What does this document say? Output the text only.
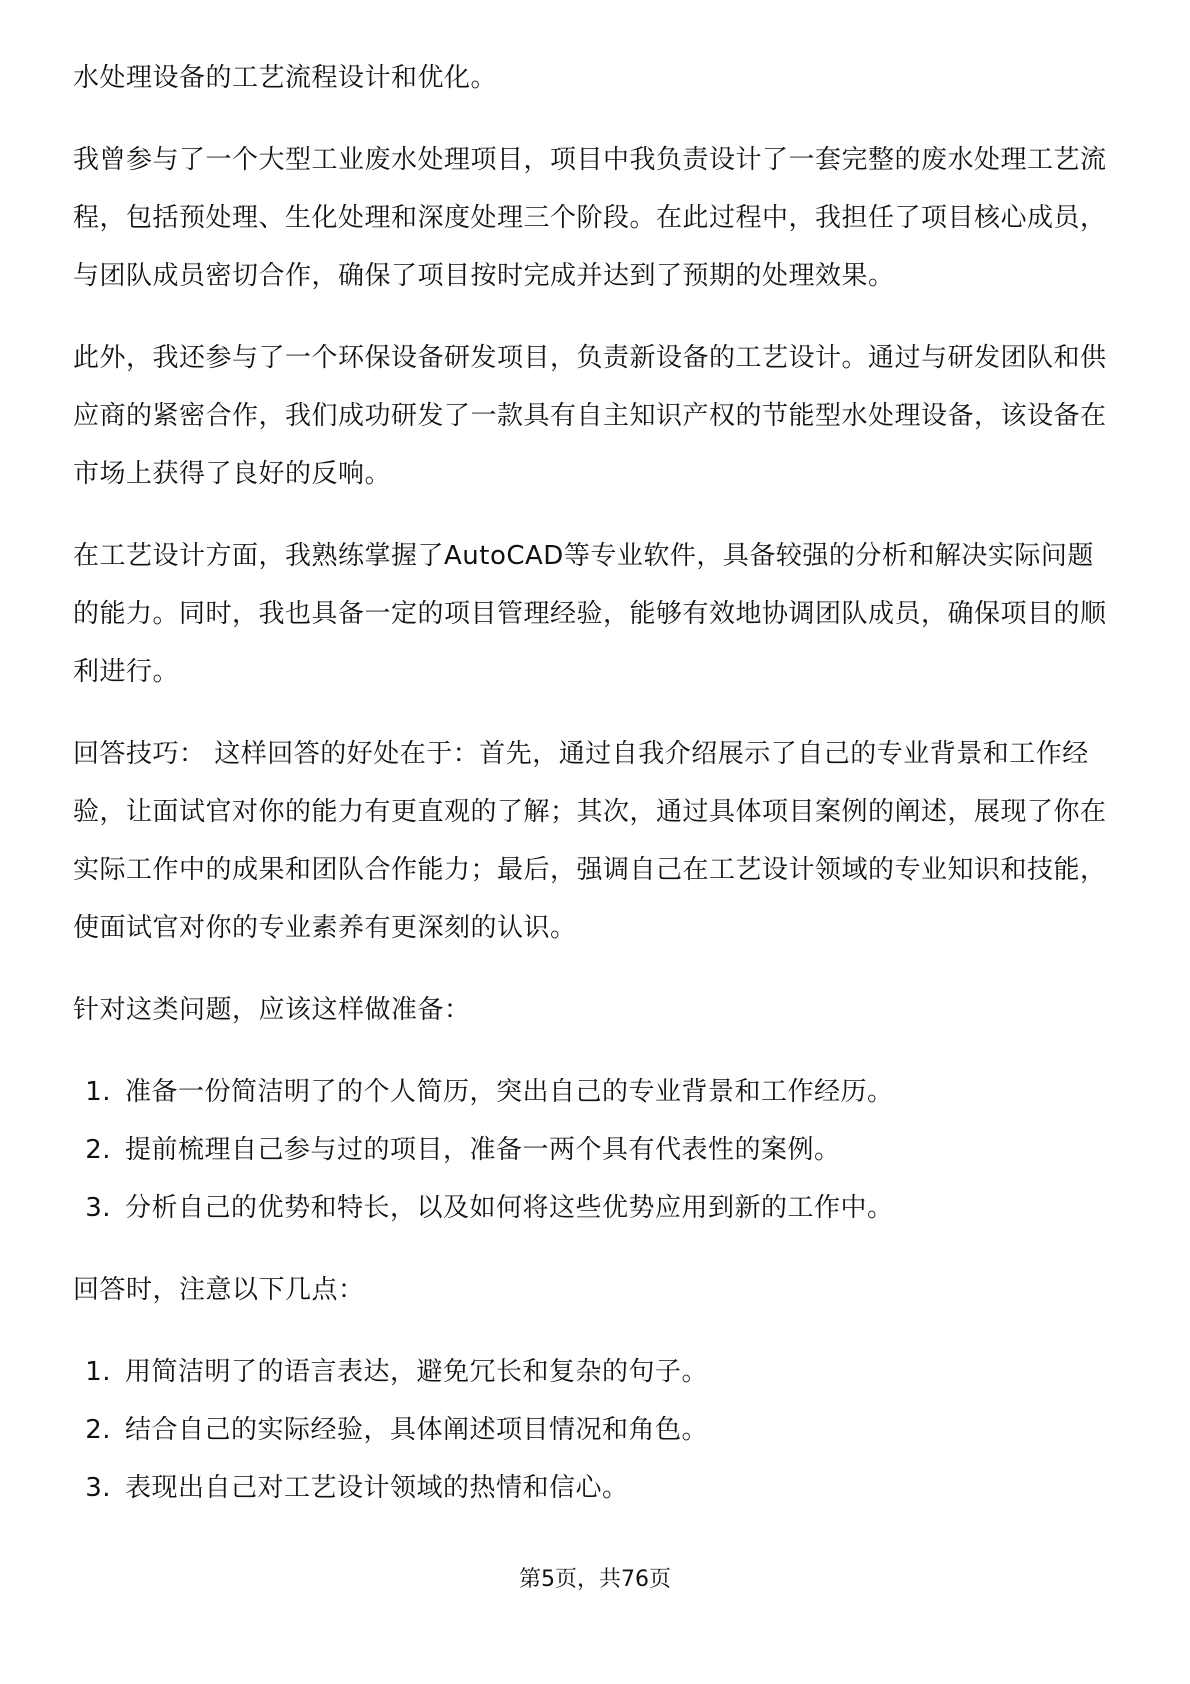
水处理设备的工艺流程设计和优化。

我曾参与了一个大型工业废水处理项目，项目中我负责设计了一套完整的废水处理工艺流程，包括预处理、生化处理和深度处理三个阶段。在此过程中，我担任了项目核心成员，与团队成员密切合作，确保了项目按时完成并达到了预期的处理效果。

此外，我还参与了一个环保设备研发项目，负责新设备的工艺设计。通过与研发团队和供应商的紧密合作，我们成功研发了一款具有自主知识产权的节能型水处理设备，该设备在市场上获得了良好的反响。

在工艺设计方面，我熟练掌握了AutoCAD等专业软件，具备较强的分析和解决实际问题的能力。同时，我也具备一定的项目管理经验，能够有效地协调团队成员，确保项目的顺利进行。

回答技巧： 这样回答的好处在于：首先，通过自我介绍展示了自己的专业背景和工作经验，让面试官对你的能力有更直观的了解；其次，通过具体项目案例的阐述，展现了你在实际工作中的成果和团队合作能力；最后，强调自己在工艺设计领域的专业知识和技能，使面试官对你的专业素养有更深刻的认识。

针对这类问题，应该这样做准备：

1. 准备一份简洁明了的个人简历，突出自己的专业背景和工作经历。
2. 提前梳理自己参与过的项目，准备一两个具有代表性的案例。
3. 分析自己的优势和特长，以及如何将这些优势应用到新的工作中。

回答时，注意以下几点：

1. 用简洁明了的语言表达，避免冗长和复杂的句子。
2. 结合自己的实际经验，具体阐述项目情况和角色。
3. 表现出自己对工艺设计领域的热情和信心。
第5页，共76页
